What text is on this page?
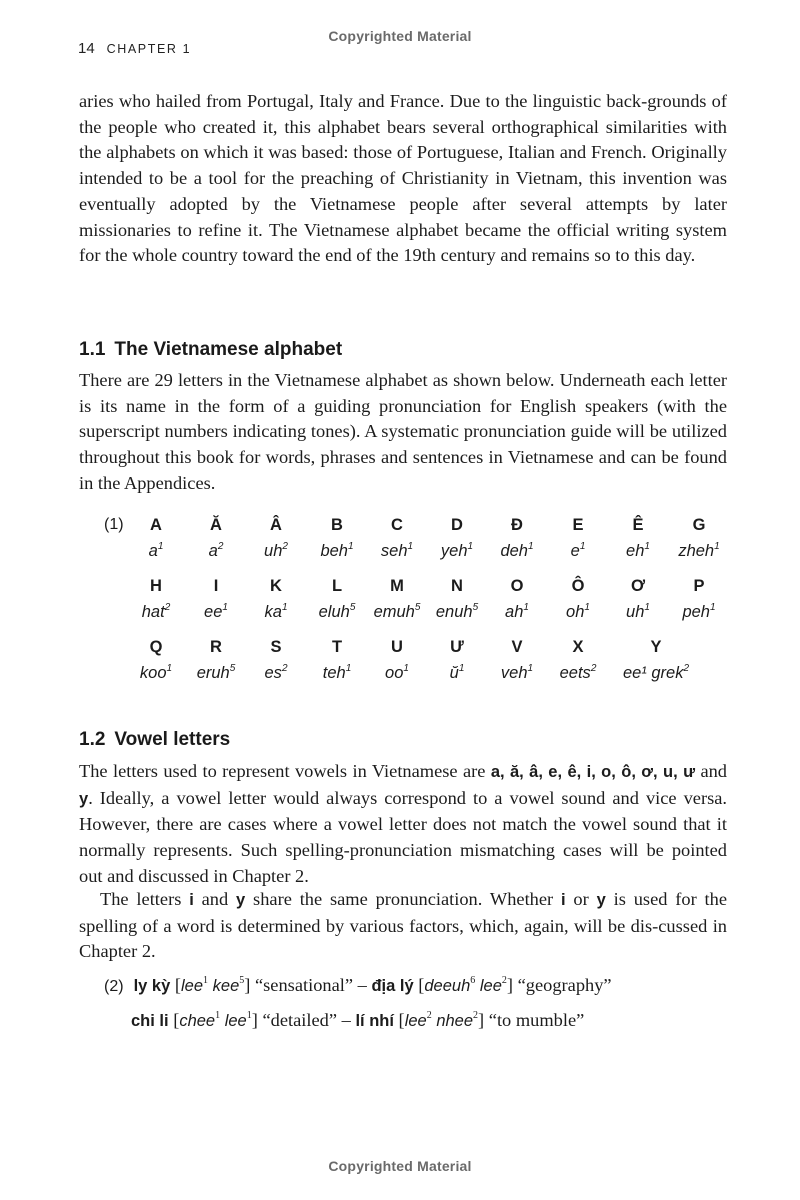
Copyrighted Material
14 CHAPTER 1
aries who hailed from Portugal, Italy and France. Due to the linguistic back-grounds of the people who created it, this alphabet bears several orthographical similarities with the alphabets on which it was based: those of Portuguese, Italian and French. Originally intended to be a tool for the preaching of Christianity in Vietnam, this invention was eventually adopted by the Vietnamese people after several attempts by later missionaries to refine it. The Vietnamese alphabet became the official writing system for the whole country toward the end of the 19th century and remains so to this day.
1.1 The Vietnamese alphabet
There are 29 letters in the Vietnamese alphabet as shown below. Underneath each letter is its name in the form of a guiding pronunciation for English speakers (with the superscript numbers indicating tones). A systematic pronunciation guide will be utilized throughout this book for words, phrases and sentences in Vietnamese and can be found in the Appendices.
(1)	A
$a^1$
Ă
$a^2$
Â
$uh^2$
B
beh$^1$
C
seh$^1$
D
yeh$^1$
Đ
deh$^1$
E
$e^1$
Ê
$eh^1$
G
zheh$^1$
H
hat$^2$
I
$ee^1$
K
$ka^1$
L
eluh$^5$
M
emuh$^5$
N
enuh$^5$
O
$ah^1$
Ô
$oh^1$
Ơ
$uh^1$
P
peh$^1$
Q
koo$^1$
R
eruh$^5$
S
$es^2$
T
teh$^1$
U
$oo^1$
Ư
$ŭ^1$
V
veh$^1$
X
eets$^2$
Y
ee¹ grek$^2$
1.2 Vowel letters
The letters used to represent vowels in Vietnamese are a, ă, â, e, ê, i, o, ô, ơ, u, ư and y. Ideally, a vowel letter would always correspond to a vowel sound and vice versa. However, there are cases where a vowel letter does not match the vowel sound that it normally represents. Such spelling-pronunciation mismatching cases will be pointed out and discussed in Chapter 2.
The letters i and y share the same pronunciation. Whether i or y is used for the spelling of a word is determined by various factors, which, again, will be dis-cussed in Chapter 2.
(2) ly kỳ [lee$^1$ kee$^5$] “sensational” – địa lý [deeuh$^6$ lee$^2$] “geography”
chi li [chee$^1$ lee$^1$] “detailed” – lí nhí [lee$^2$ nhee$^2$] “to mumble”
Copyrighted Material
